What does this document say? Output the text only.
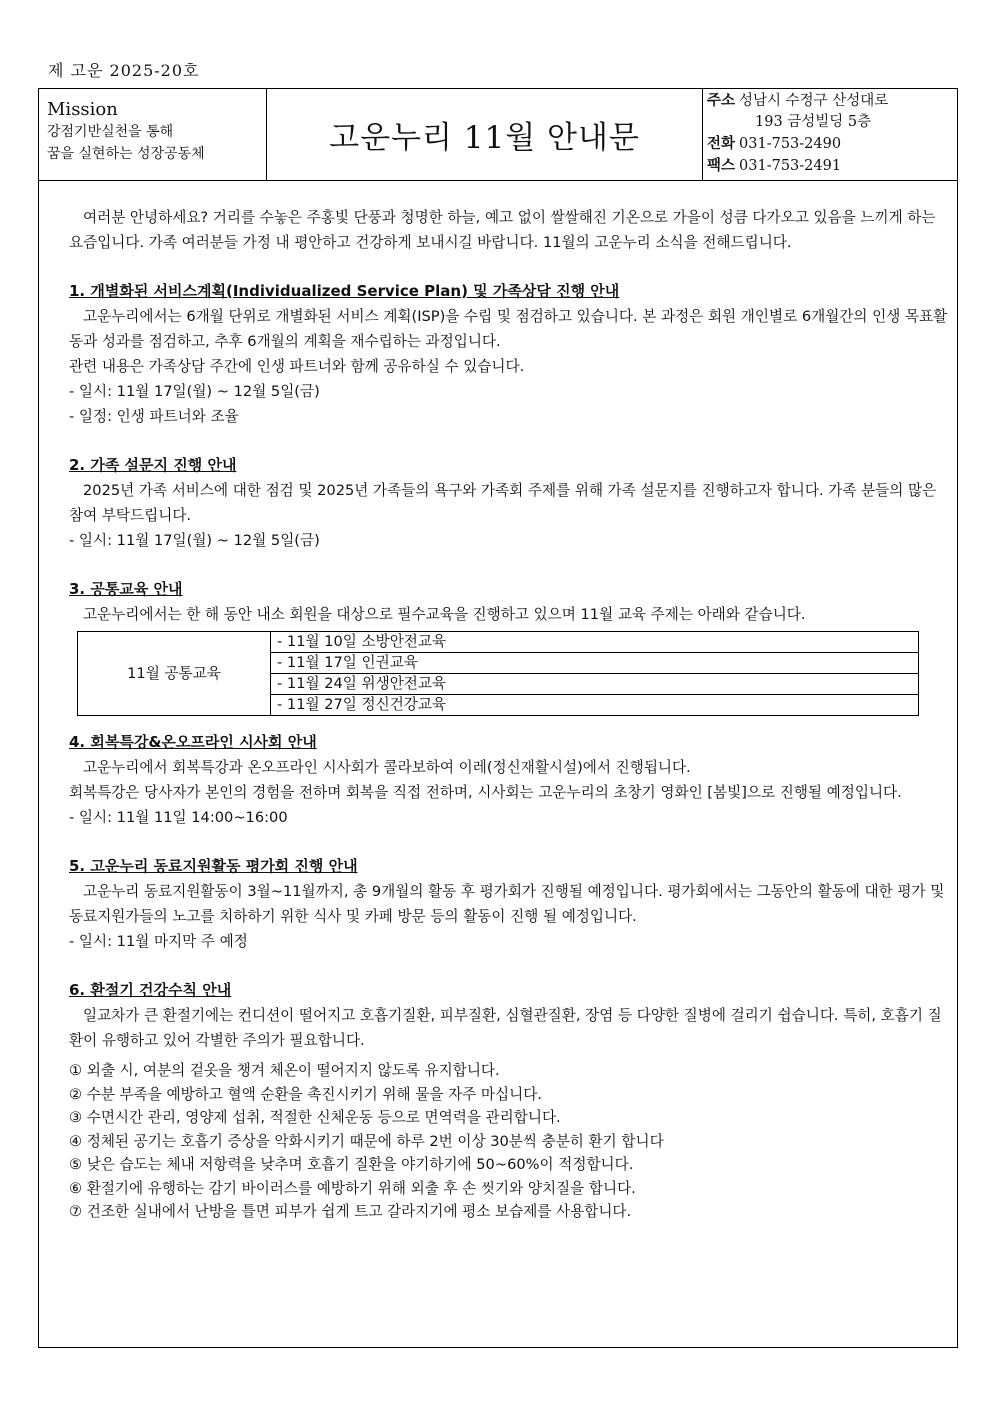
제 고운 2025-20호
Mission
강점기반실천을 통해
꿈을 실현하는 성장공동체	고운누리 11월 안내문
주소 성남시 수정구 산성대로
193 금성빌딩 5층
전화 031-753-2490
팩스 031-753-2491

여러분 안녕하세요? 거리를 수놓은 주홍빛 단풍과 청명한 하늘, 예고 없이 쌀쌀해진 기온으로 가을이 성큼 다가오고 있음을 느끼게 하는 요즘입니다. 가족 여러분들 가정 내 평안하고 건강하게 보내시길 바랍니다. 11월의 고운누리 소식을 전해드립니다.

1. 개별화된 서비스계획(Individualized Service Plan) 및 가족상담 진행 안내

고운누리에서는 6개월 단위로 개별화된 서비스 계획(ISP)을 수립 및 점검하고 있습니다. 본 과정은 회원 개인별로 6개월간의 인생 목표활동과 성과를 점검하고, 추후 6개월의 계획을 재수립하는 과정입니다.

관련 내용은 가족상담 주간에 인생 파트너와 함께 공유하실 수 있습니다.

- 일시: 11월 17일(월) ~ 12월 5일(금)

- 일정: 인생 파트너와 조율

2. 가족 설문지 진행 안내

2025년 가족 서비스에 대한 점검 및 2025년 가족들의 욕구와 가족회 주제를 위해 가족 설문지를 진행하고자 합니다. 가족 분들의 많은 참여 부탁드립니다.

- 일시: 11월 17일(월) ~ 12월 5일(금)

3. 공통교육 안내

고운누리에서는 한 해 동안 내소 회원을 대상으로 필수교육을 진행하고 있으며 11월 교육 주제는 아래와 같습니다.

11월 공통교육	- 11월 10일 소방안전교육
- 11월 17일 인권교육
- 11월 24일 위생안전교육
- 11월 27일 정신건강교육
4. 회복특강&온오프라인 시사회 안내

고운누리에서 회복특강과 온오프라인 시사회가 콜라보하여 이레(정신재활시설)에서 진행됩니다.

회복특강은 당사자가 본인의 경험을 전하며 회복을 직접 전하며, 시사회는 고운누리의 초창기 영화인 [봄빛]으로 진행될 예정입니다.

- 일시: 11월 11일 14:00~16:00

5. 고운누리 동료지원활동 평가회 진행 안내

고운누리 동료지원활동이 3월~11월까지, 총 9개월의 활동 후 평가회가 진행될 예정입니다. 평가회에서는 그동안의 활동에 대한 평가 및 동료지원가들의 노고를 치하하기 위한 식사 및 카페 방문 등의 활동이 진행 될 예정입니다.

- 일시: 11월 마지막 주 예정

6. 환절기 건강수칙 안내

일교차가 큰 환절기에는 컨디션이 떨어지고 호흡기질환, 피부질환, 심혈관질환, 장염 등 다양한 질병에 걸리기 쉽습니다. 특히, 호흡기 질환이 유행하고 있어 각별한 주의가 필요합니다.

① 외출 시, 여분의 겉옷을 챙겨 체온이 떨어지지 않도록 유지합니다.
② 수분 부족을 예방하고 혈액 순환을 촉진시키기 위해 물을 자주 마십니다.
③ 수면시간 관리, 영양제 섭취, 적절한 신체운동 등으로 면역력을 관리합니다.
④ 정체된 공기는 호흡기 증상을 악화시키기 때문에 하루 2번 이상 30분씩 충분히 환기 합니다
⑤ 낮은 습도는 체내 저항력을 낮추며 호흡기 질환을 야기하기에 50~60%이 적정합니다.
⑥ 환절기에 유행하는 감기 바이러스를 예방하기 위해 외출 후 손 씻기와 양치질을 합니다.
⑦ 건조한 실내에서 난방을 틀면 피부가 쉽게 트고 갈라지기에 평소 보습제를 사용합니다.
